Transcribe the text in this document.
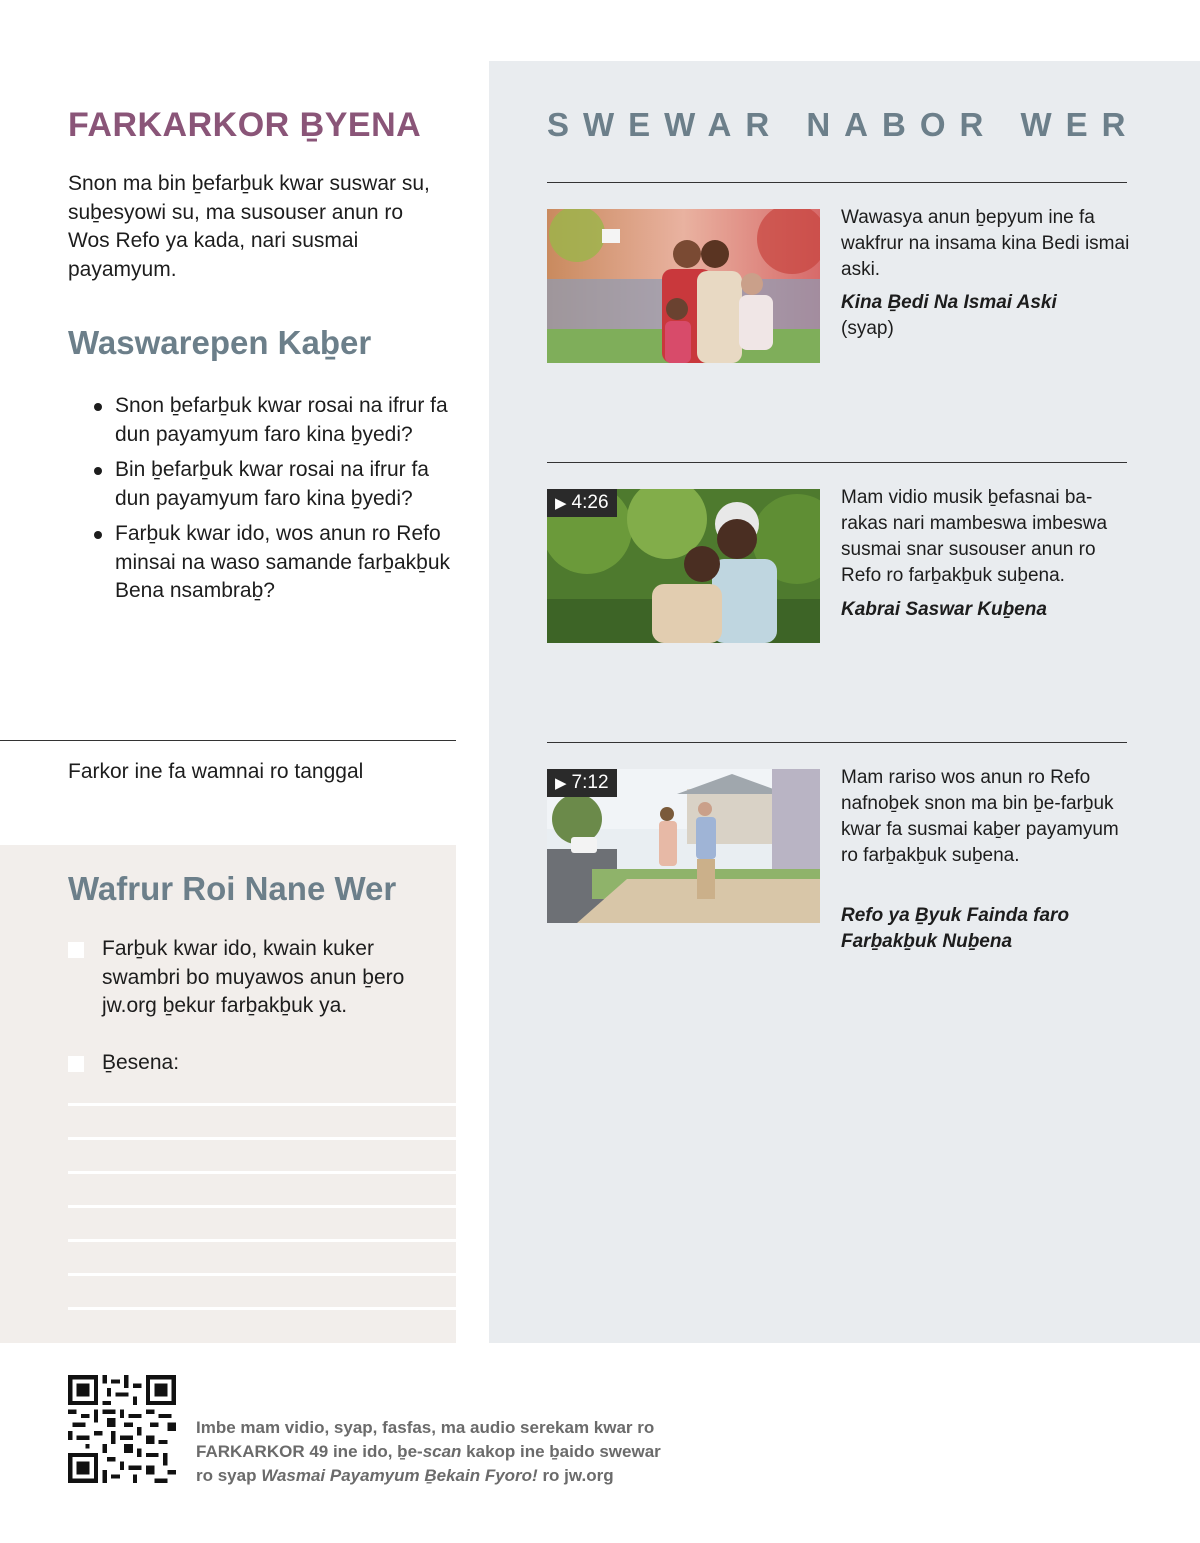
FARKARKOR ḆYENA

Snon ma bin ḇefarḇuk kwar suswar su, suḇesyowi su, ma susouser anun ro Wos Refo ya kada, nari susmai payamyum.

Waswarepen Kaḇer
Snon ḇefarḇuk kwar rosai na ifrur fa dun payamyum faro kina ḇyedi?
Bin ḇefarḇuk kwar rosai na ifrur fa dun payamyum faro kina ḇyedi?
Farḇuk kwar ido, wos anun ro Refo minsai na waso samande farḇakḇuk Bena nsambraḇ?
Farkor ine fa wamnai ro tanggal
Wafrur Roi Nane Wer
Farḇuk kwar ido, kwain kuker swambri bo muyawos anun ḇero jw.org ḇekur farḇakḇuk ya.
Ḇesena:
SWEWAR NABOR WER
Wawasya anun ḇepyum ine fa wakfrur na insama kina Bedi ismai aski.
Kina Ḇedi Na Ismai Aski
(syap)
▶ 4:26	Mam vidio musik ḇefasnai ba-rakas nari mambeswa imbeswa susmai snar susouser anun ro Refo ro farḇakḇuk suḇena.
Kabrai Saswar Kuḇena
▶ 7:12	Mam rariso wos anun ro Refo nafnoḇek snon ma bin ḇe-farḇuk kwar fa susmai kaḇer payamyum ro farḇakḇuk suḇena.
Refo ya Ḇyuk Fainda faro Farḇakḇuk Nuḇena
Imbe mam vidio, syap, fasfas, ma audio serekam kwar ro
FARKARKOR 49 ine ido, ḇe-scan kakop ine ḇaido swewar
ro syap Wasmai Payamyum Ḇekain Fyoro! ro jw.org
